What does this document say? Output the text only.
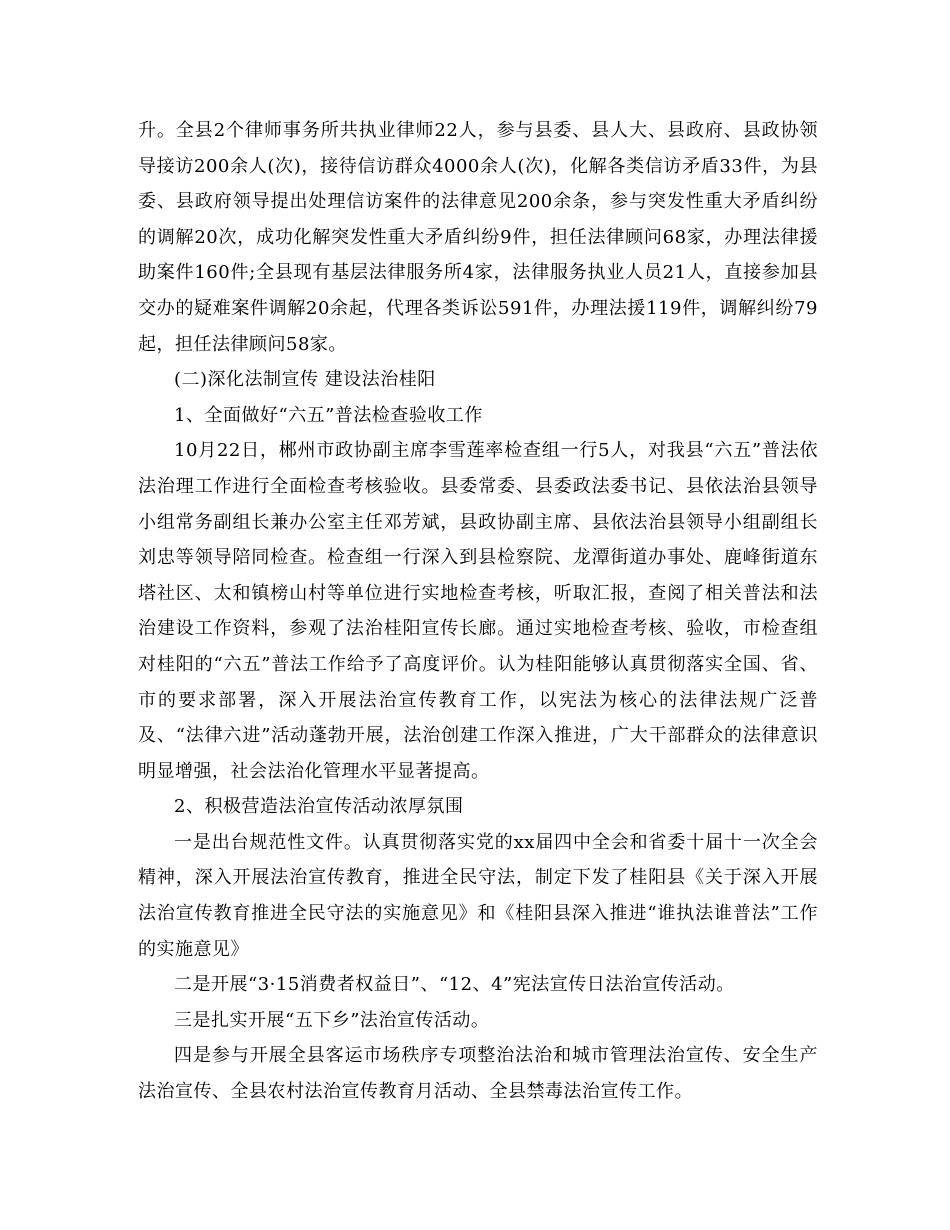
升。全县2个律师事务所共执业律师22人，参与县委、县人大、县政府、县政协领导接访200余人(次)，接待信访群众4000余人(次)，化解各类信访矛盾33件，为县委、县政府领导提出处理信访案件的法律意见200余条，参与突发性重大矛盾纠纷的调解20次，成功化解突发性重大矛盾纠纷9件，担任法律顾问68家，办理法律援助案件160件;全县现有基层法律服务所4家，法律服务执业人员21人，直接参加县交办的疑难案件调解20余起，代理各类诉讼591件，办理法援119件，调解纠纷79起，担任法律顾问58家。

(二)深化法制宣传 建设法治桂阳

1、全面做好“六五”普法检查验收工作

10月22日，郴州市政协副主席李雪莲率检查组一行5人，对我县“六五”普法依法治理工作进行全面检查考核验收。县委常委、县委政法委书记、县依法治县领导小组常务副组长兼办公室主任邓芳斌，县政协副主席、县依法治县领导小组副组长刘忠等领导陪同检查。检查组一行深入到县检察院、龙潭街道办事处、鹿峰街道东塔社区、太和镇榜山村等单位进行实地检查考核，听取汇报，查阅了相关普法和法治建设工作资料，参观了法治桂阳宣传长廊。通过实地检查考核、验收，市检查组对桂阳的“六五”普法工作给予了高度评价。认为桂阳能够认真贯彻落实全国、省、市的要求部署，深入开展法治宣传教育工作，以宪法为核心的法律法规广泛普及、“法律六进”活动蓬勃开展，法治创建工作深入推进，广大干部群众的法律意识明显增强，社会法治化管理水平显著提高。

2、积极营造法治宣传活动浓厚氛围

一是出台规范性文件。认真贯彻落实党的xx届四中全会和省委十届十一次全会精神，深入开展法治宣传教育，推进全民守法，制定下发了桂阳县《关于深入开展法治宣传教育推进全民守法的实施意见》和《桂阳县深入推进“谁执法谁普法”工作的实施意见》

二是开展“3·15消费者权益日”、“12、4”宪法宣传日法治宣传活动。

三是扎实开展“五下乡”法治宣传活动。

四是参与开展全县客运市场秩序专项整治法治和城市管理法治宣传、安全生产法治宣传、全县农村法治宣传教育月活动、全县禁毒法治宣传工作。
